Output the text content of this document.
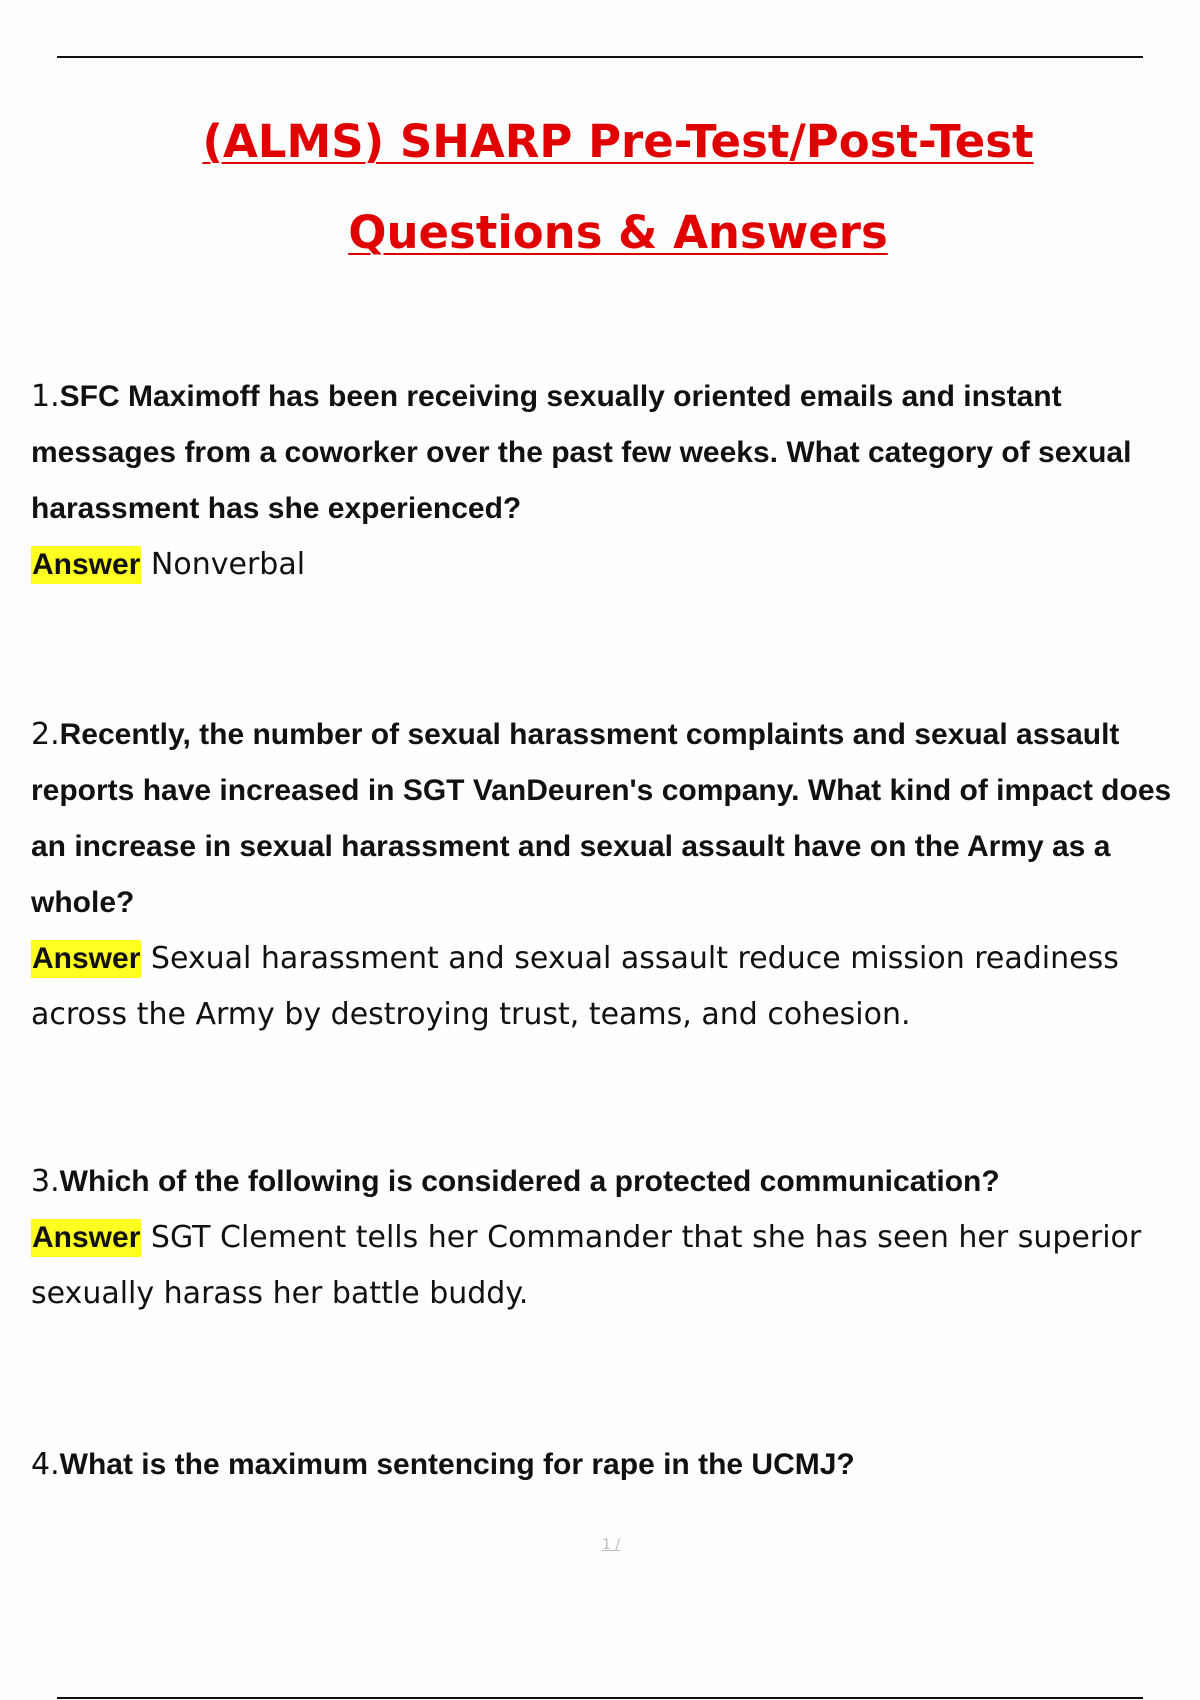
(ALMS) SHARP Pre-Test/Post-Test
Questions & Answers
1.SFC Maximoff has been receiving sexually oriented emails and instant messages from a coworker over the past few weeks. What category of sexual harassment has she experienced?
Answer Nonverbal
2.Recently, the number of sexual harassment complaints and sexual assault reports have increased in SGT VanDeuren's company. What kind of impact does an increase in sexual harassment and sexual assault have on the Army as a whole?
Answer Sexual harassment and sexual assault reduce mission readiness across the Army by destroying trust, teams, and cohesion.
3.Which of the following is considered a protected communication?
Answer SGT Clement tells her Commander that she has seen her superior sexually harass her battle buddy.
4.What is the maximum sentencing for rape in the UCMJ?
1 /
